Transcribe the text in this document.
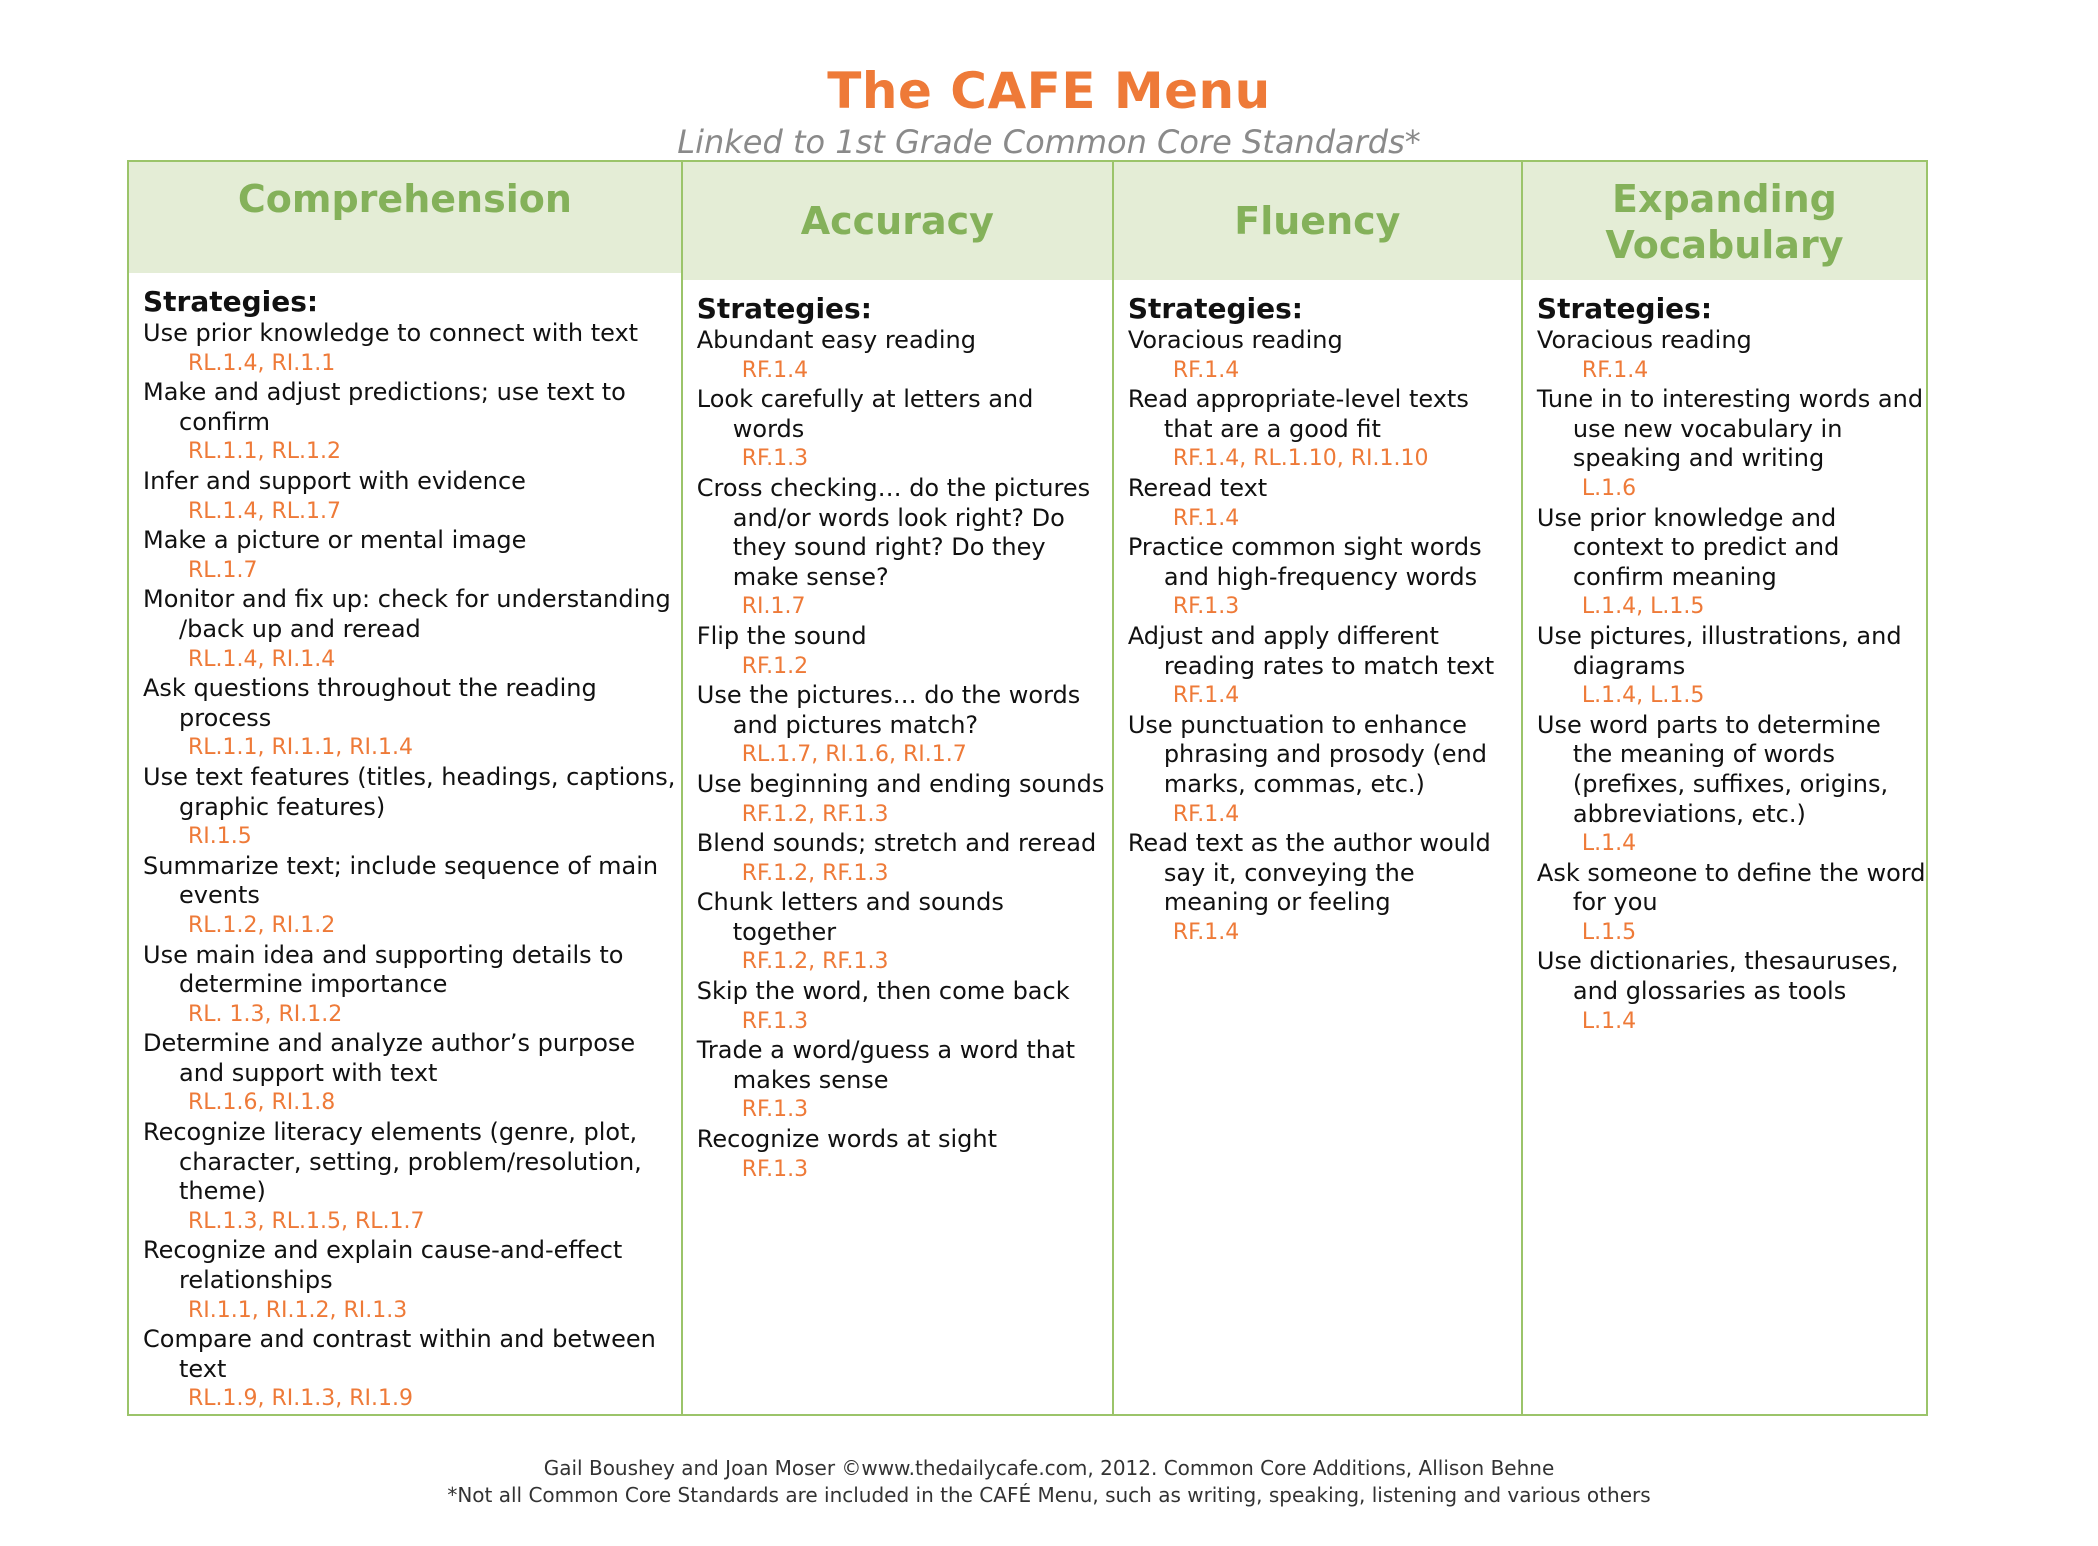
The CAFE Menu
Linked to 1st Grade Common Core Standards*
Comprehension
Strategies:
Use prior knowledge to connect with text
RL.1.4, RI.1.1
Make and adjust predictions; use text to confirm
RL.1.1, RL.1.2
Infer and support with evidence
RL.1.4, RL.1.7
Make a picture or mental image
RL.1.7
Monitor and fix up: check for understanding /back up and reread
RL.1.4, RI.1.4
Ask questions throughout the reading process
RL.1.1, RI.1.1, RI.1.4
Use text features (titles, headings, captions, graphic features)
RI.1.5
Summarize text; include sequence of main events
RL.1.2, RI.1.2
Use main idea and supporting details to determine importance
RL. 1.3, RI.1.2
Determine and analyze author’s purpose and support with text
RL.1.6, RI.1.8
Recognize literacy elements (genre, plot, character, setting, problem/resolution, theme)
RL.1.3, RL.1.5, RL.1.7
Recognize and explain cause-and-effect relationships
RI.1.1, RI.1.2, RI.1.3
Compare and contrast within and between text
RL.1.9, RI.1.3, RI.1.9
Accuracy
Strategies:
Abundant easy reading
RF.1.4
Look carefully at letters and words
RF.1.3
Cross checking… do the pictures and/or words look right? Do they sound right? Do they make sense?
RI.1.7
Flip the sound
RF.1.2
Use the pictures… do the words and pictures match?
RL.1.7, RI.1.6, RI.1.7
Use beginning and ending sounds
RF.1.2, RF.1.3
Blend sounds; stretch and reread
RF.1.2, RF.1.3
Chunk letters and sounds together
RF.1.2, RF.1.3
Skip the word, then come back
RF.1.3
Trade a word/guess a word that makes sense
RF.1.3
Recognize words at sight
RF.1.3
Fluency
Strategies:
Voracious reading
RF.1.4
Read appropriate-level texts that are a good fit
RF.1.4, RL.1.10, RI.1.10
Reread text
RF.1.4
Practice common sight words and high-frequency words
RF.1.3
Adjust and apply different reading rates to match text
RF.1.4
Use punctuation to enhance phrasing and prosody (end marks, commas, etc.)
RF.1.4
Read text as the author would say it, conveying the meaning or feeling
RF.1.4
Expanding Vocabulary
Strategies:
Voracious reading
RF.1.4
Tune in to interesting words and use new vocabulary in speaking and writing
L.1.6
Use prior knowledge and context to predict and confirm meaning
L.1.4, L.1.5
Use pictures, illustrations, and diagrams
L.1.4, L.1.5
Use word parts to determine the meaning of words (prefixes, suffixes, origins, abbreviations, etc.)
L.1.4
Ask someone to define the word for you
L.1.5
Use dictionaries, thesauruses, and glossaries as tools
L.1.4
Gail Boushey and Joan Moser ©www.thedailycafe.com, 2012. Common Core Additions, Allison Behne
*Not all Common Core Standards are included in the CAFÉ Menu, such as writing, speaking, listening and various others
